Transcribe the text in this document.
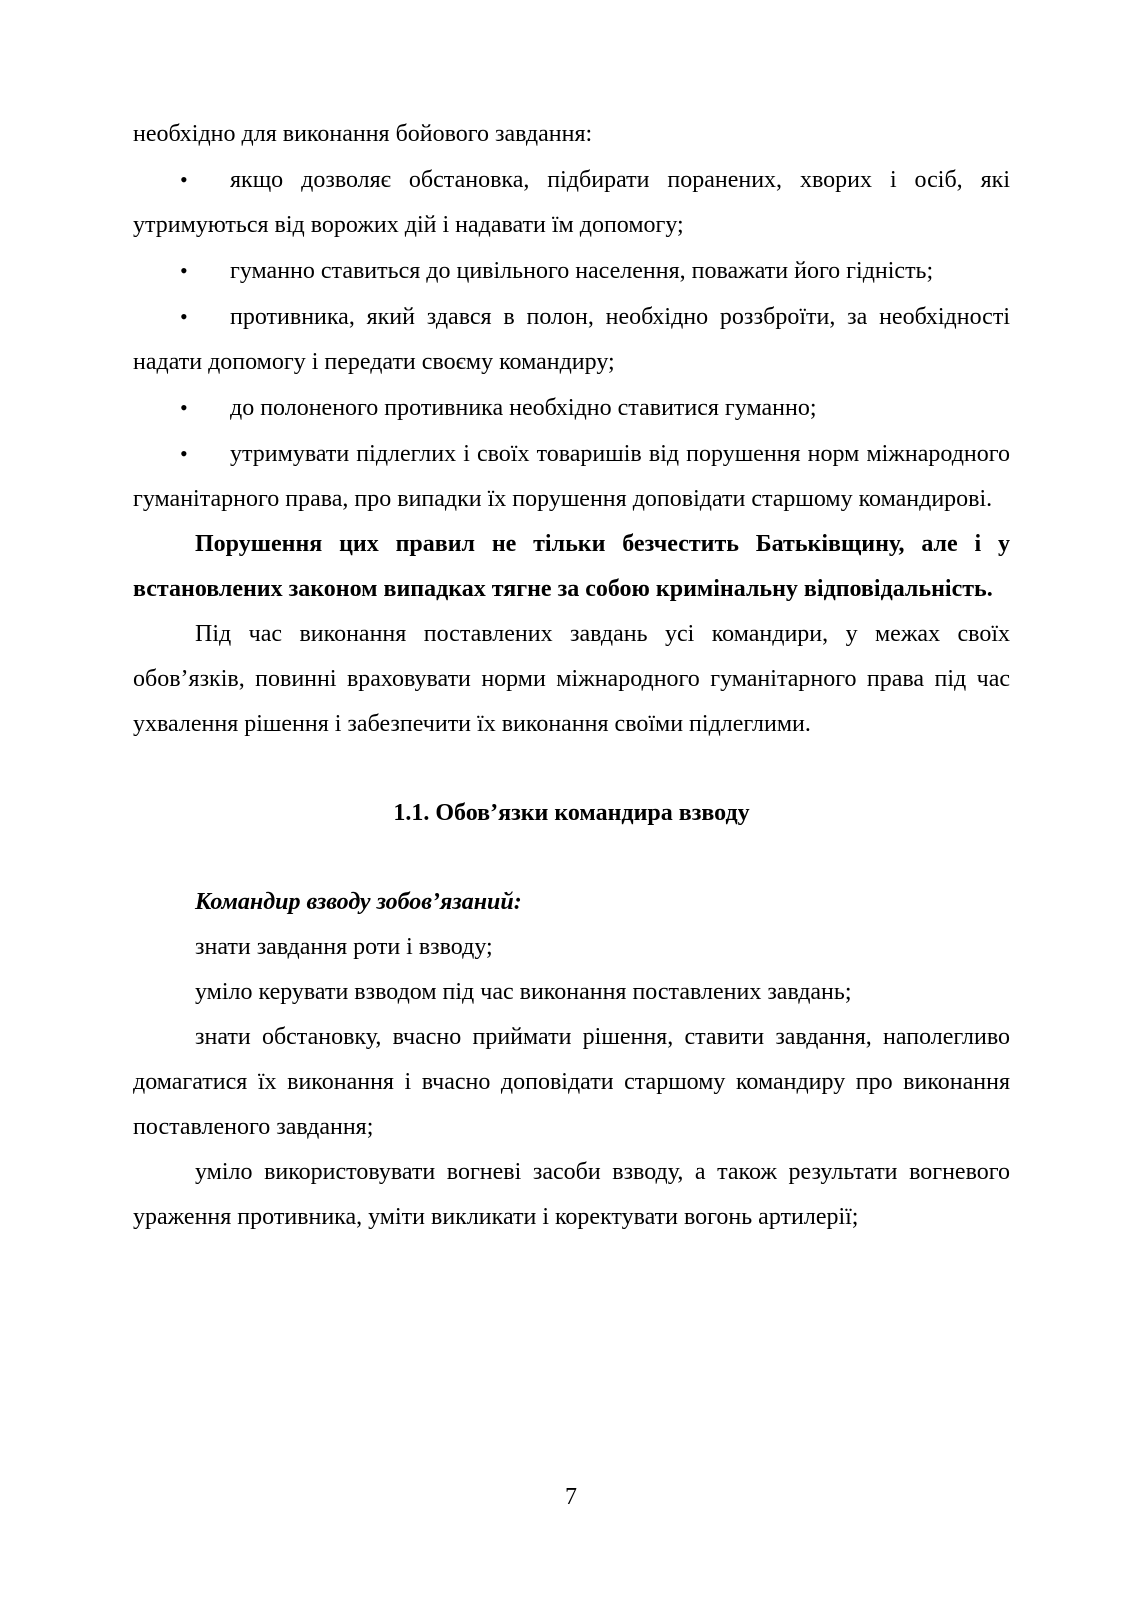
необхідно для виконання бойового завдання:

• якщо дозволяє обстановка, підбирати поранених, хворих і осіб, які утримуються від ворожих дій і надавати їм допомогу;

• гуманно ставиться до цивільного населення, поважати його гідність;

• противника, який здався в полон, необхідно роззброїти, за необхідності надати допомогу і передати своєму командиру;

• до полоненого противника необхідно ставитися гуманно;

• утримувати підлеглих і своїх товаришів від порушення норм міжнародного гуманітарного права, про випадки їх порушення доповідати старшому командирові.

Порушення цих правил не тільки безчестить Батьківщину, але і у встановлених законом випадках тягне за собою кримінальну відповідальність.

Під час виконання поставлених завдань усі командири, у межах своїх обов’язків, повинні враховувати норми міжнародного гуманітарного права під час ухвалення рішення і забезпечити їх виконання своїми підлеглими.

1.1. Обов’язки командира взводу

Командир взводу зобов’язаний:

знати завдання роти і взводу;

уміло керувати взводом під час виконання поставлених завдань;

знати обстановку, вчасно приймати рішення, ставити завдання, наполегливо домагатися їх виконання і вчасно доповідати старшому командиру про виконання поставленого завдання;

уміло використовувати вогневі засоби взводу, а також результати вогневого ураження противника, уміти викликати і коректувати вогонь артилерії;

7
